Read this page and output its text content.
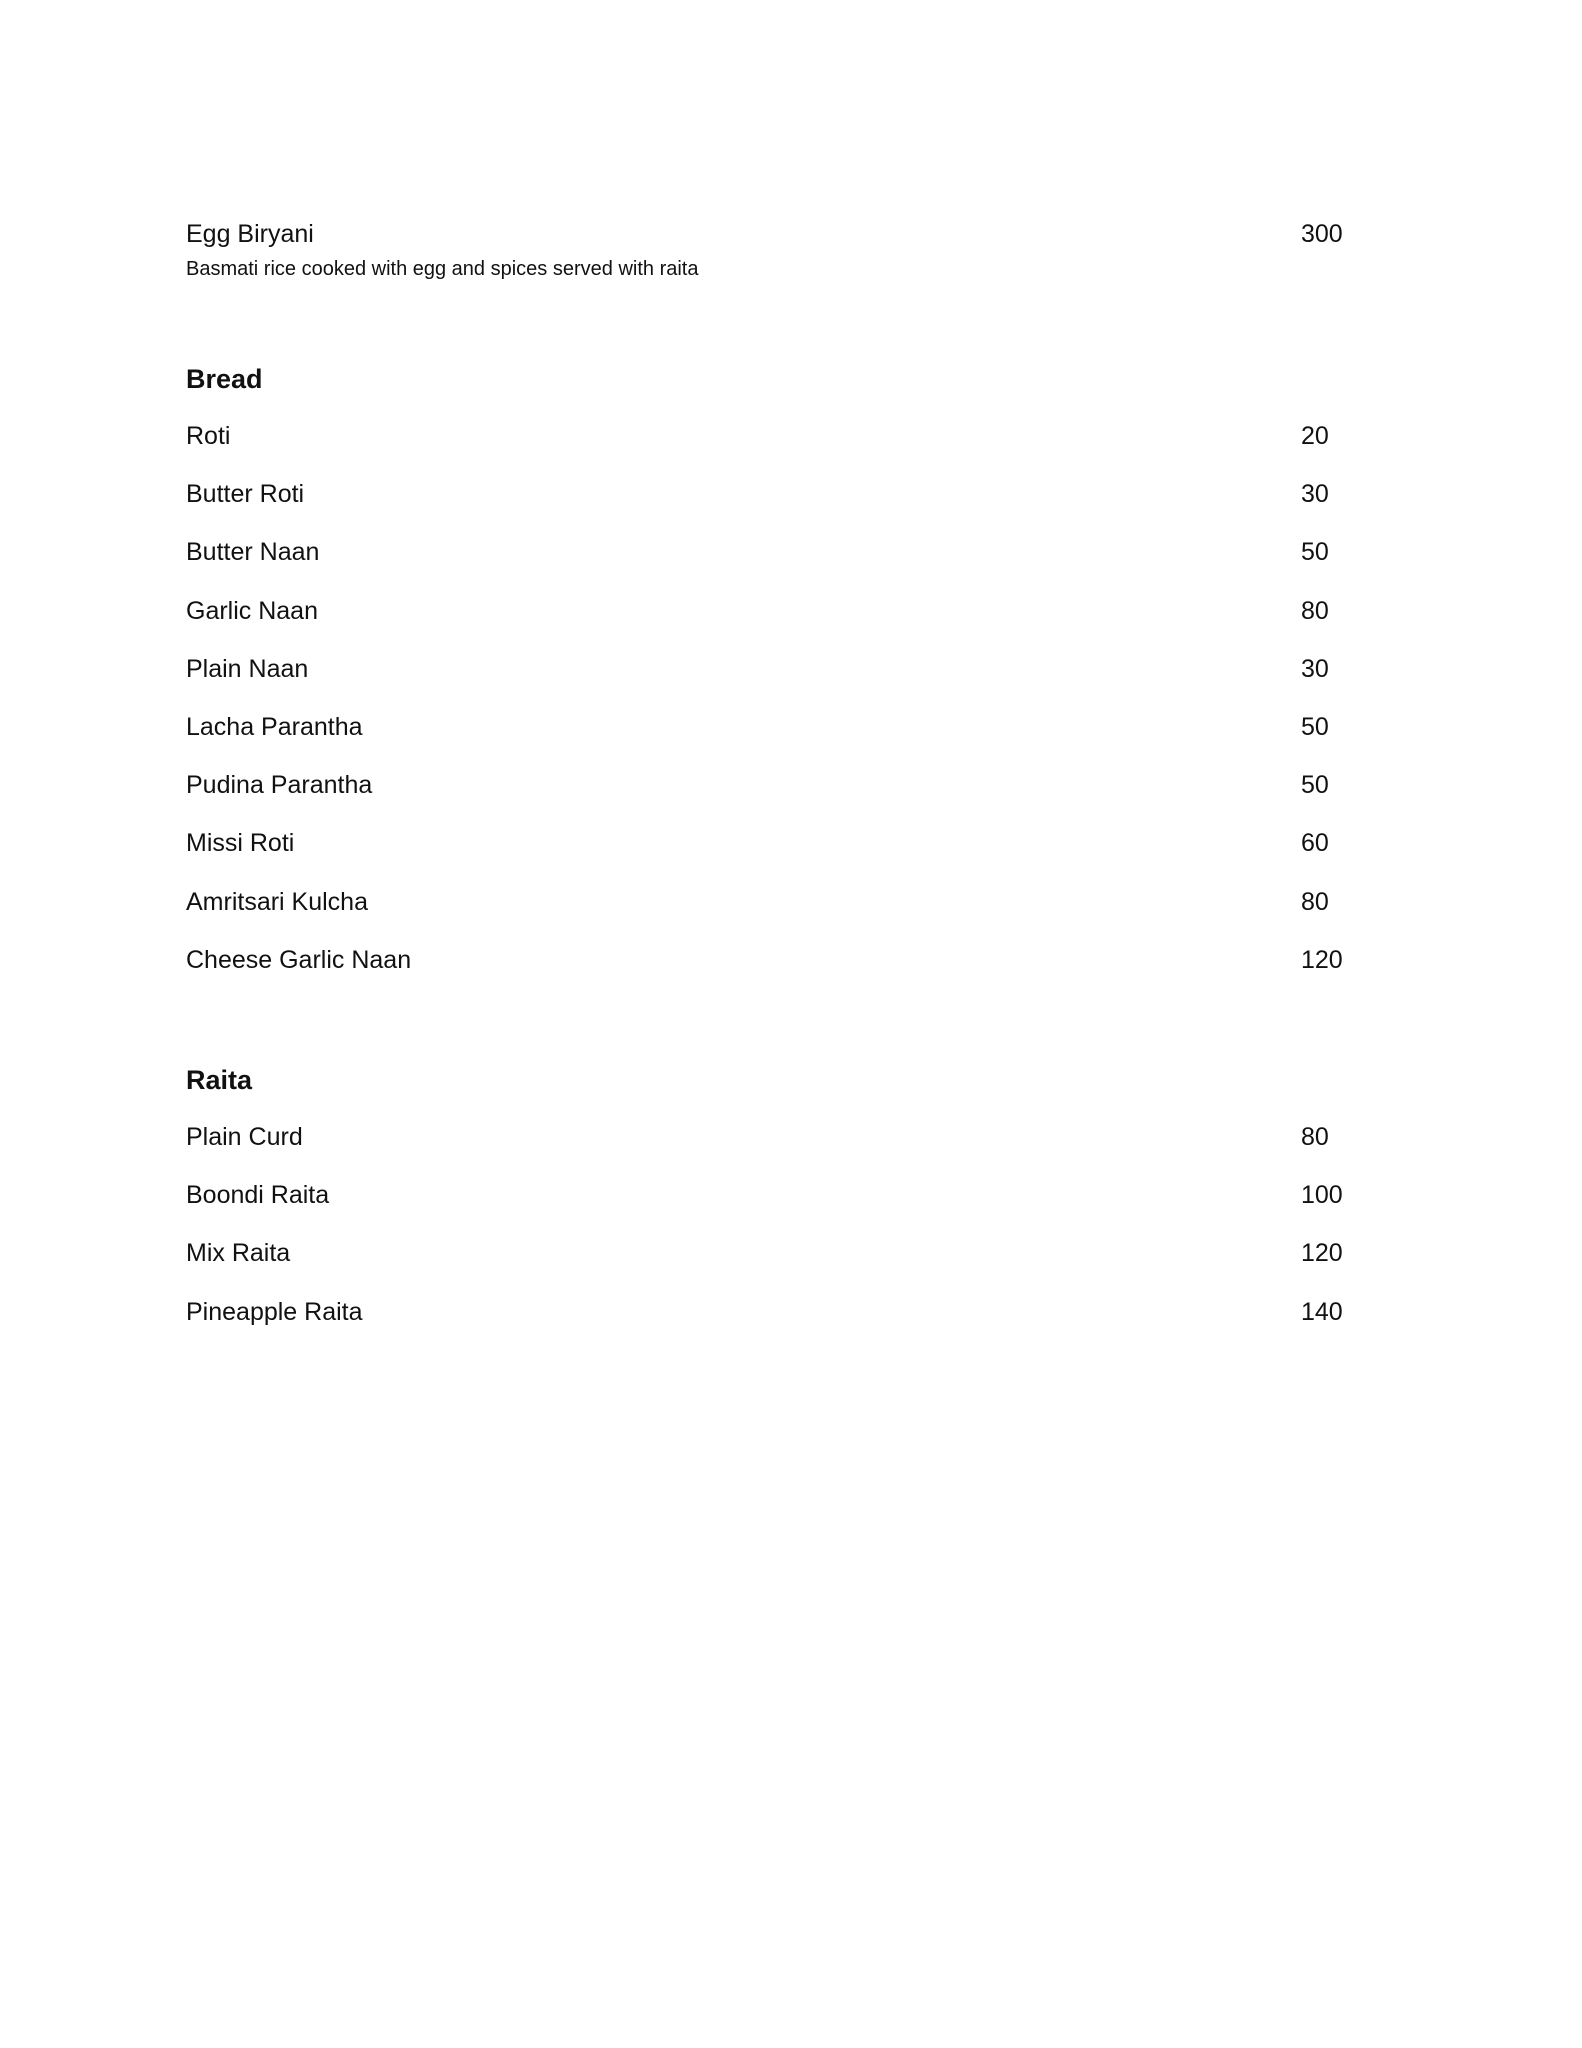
Egg Biryani	300
Basmati rice cooked with egg and spices served with raita
Bread
Roti	20
Butter Roti	30
Butter Naan	50
Garlic Naan	80
Plain Naan	30
Lacha Parantha	50
Pudina Parantha	50
Missi Roti	60
Amritsari Kulcha	80
Cheese Garlic Naan	120
Raita
Plain Curd	80
Boondi Raita	100
Mix Raita	120
Pineapple Raita	140
